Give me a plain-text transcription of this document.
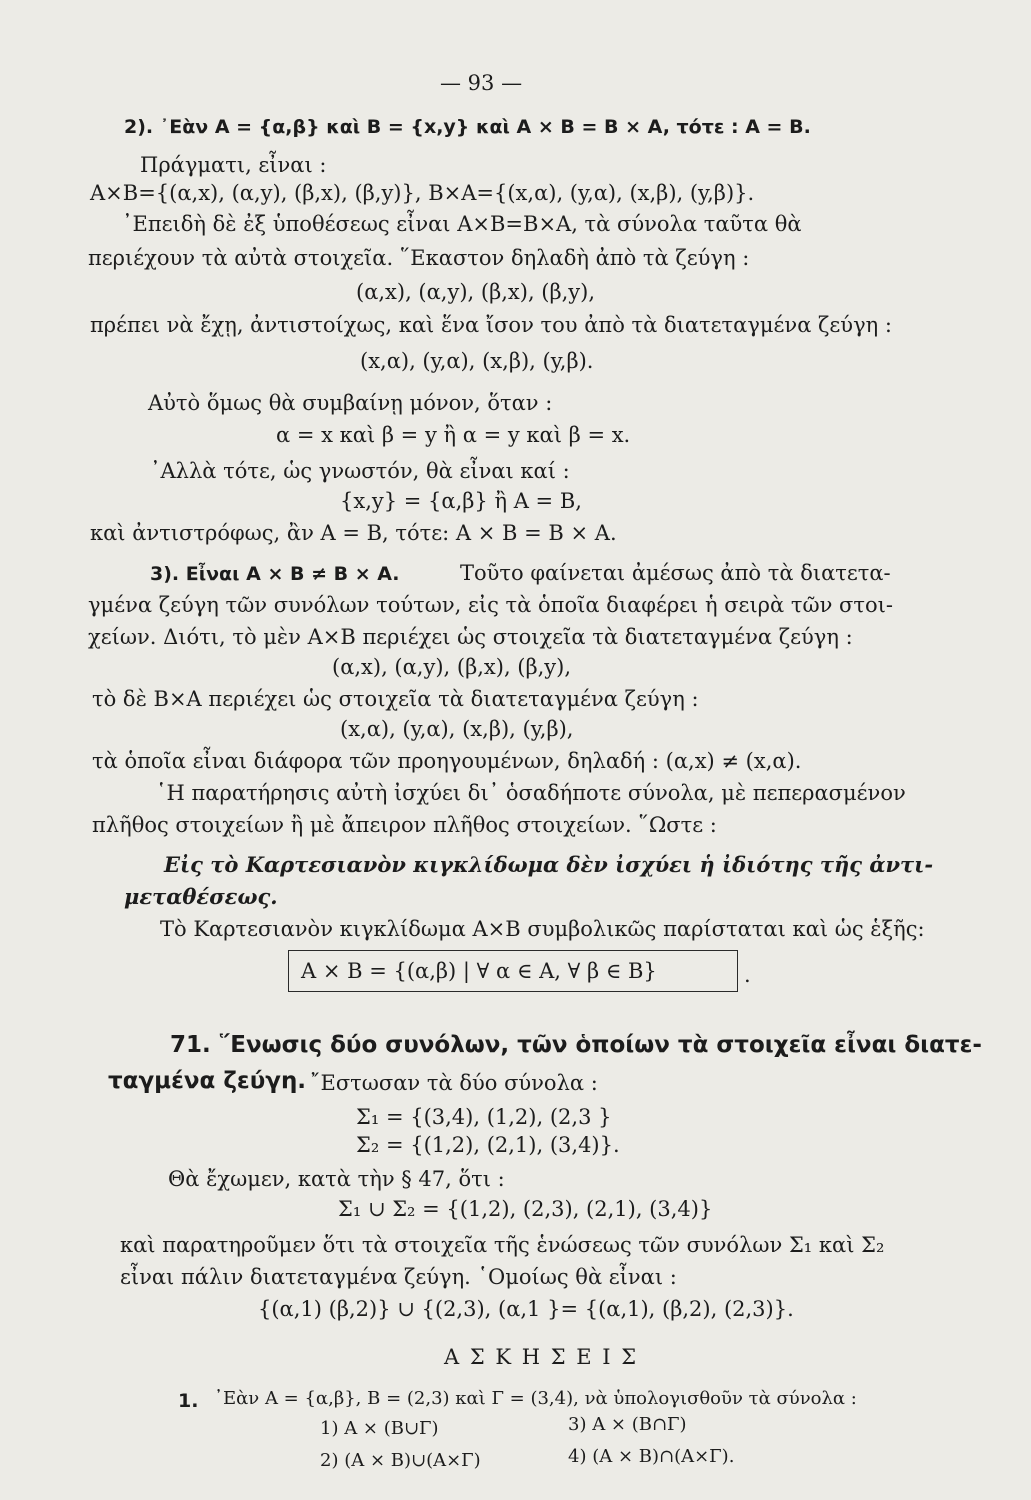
— 93 —
2). ᾿Εὰν A = {α,β} καὶ B = {x,y} καὶ A × B = B × A, τότε : A = B.
Πράγματι, εἶναι :
A×B={(α,x), (α,y), (β,x), (β,y)}, B×A={(x,α), (y,α), (x,β), (y,β)}.
᾿Επειδὴ δὲ ἐξ ὑποθέσεως εἶναι A×B=B×A, τὰ σύνολα ταῦτα θὰ
περιέχουν τὰ αὐτὰ στοιχεῖα. ῞Εκαστον δηλαδὴ ἀπὸ τὰ ζεύγη :
(α,x), (α,y), (β,x), (β,y),
πρέπει νὰ ἔχῃ, ἀντιστοίχως, καὶ ἕνα ἴσον του ἀπὸ τὰ διατεταγμένα ζεύγη :
(x,α), (y,α), (x,β), (y,β).
Αὐτὸ ὅμως θὰ συμβαίνῃ μόνον, ὅταν :
α = x καὶ β = y ἢ α = y καὶ β = x.
᾿Αλλὰ τότε, ὡς γνωστόν, θὰ εἶναι καί :
{x,y} = {α,β} ἢ A = B,
καὶ ἀντιστρόφως, ἂν A = B, τότε: A × B = B × A.
3). Εἶναι A × B ≠ B × A.	Τοῦτο φαίνεται ἀμέσως ἀπὸ τὰ διατετα-
γμένα ζεύγη τῶν συνόλων τούτων, εἰς τὰ ὁποῖα διαφέρει ἡ σειρὰ τῶν στοι-
χείων. Διότι, τὸ μὲν A×B περιέχει ὡς στοιχεῖα τὰ διατεταγμένα ζεύγη :
(α,x), (α,y), (β,x), (β,y),
τὸ δὲ B×A περιέχει ὡς στοιχεῖα τὰ διατεταγμένα ζεύγη :
(x,α), (y,α), (x,β), (y,β),
τὰ ὁποῖα εἶναι διάφορα τῶν προηγουμένων, δηλαδή : (α,x) ≠ (x,α).
῾Η παρατήρησις αὐτὴ ἰσχύει δι᾿ ὁσαδήποτε σύνολα, μὲ πεπερασμένον
πλῆθος στοιχείων ἢ μὲ ἄπειρον πλῆθος στοιχείων. ῞Ωστε :
Εἰς τὸ Καρτεσιανὸν κιγκλίδωμα δὲν ἰσχύει ἡ ἰδιότης τῆς ἀντι-
μεταθέσεως.
Τὸ Καρτεσιανὸν κιγκλίδωμα A×B συμβολικῶς παρίσταται καὶ ὡς ἑξῆς:
A × B = {(α,β) | ∀ α ∈ A, ∀ β ∈ B}	.
71. ῞Ενωσις δύο συνόλων, τῶν ὁποίων τὰ στοιχεῖα εἶναι διατε-
ταγμένα ζεύγη. ῎Εστωσαν τὰ δύο σύνολα :
Σ₁ = {(3,4), (1,2), (2,3 }
Σ₂ = {(1,2), (2,1), (3,4)}.
Θὰ ἔχωμεν, κατὰ τὴν § 47, ὅτι :
Σ₁ ∪ Σ₂ = {(1,2), (2,3), (2,1), (3,4)}
καὶ παρατηροῦμεν ὅτι τὰ στοιχεῖα τῆς ἑνώσεως τῶν συνόλων Σ₁ καὶ Σ₂
εἶναι πάλιν διατεταγμένα ζεύγη. ῾Ομοίως θὰ εἶναι :
{(α,1) (β,2)} ∪ {(2,3), (α,1 }= {(α,1), (β,2), (2,3)}.
Α Σ Κ Η Σ Ε Ι Σ
1. ᾿Εὰν A = {α,β}, B = (2,3) καὶ Γ = (3,4), νὰ ὑπολογισθοῦν τὰ σύνολα :
1) A × (B∪Γ)	3) A × (B∩Γ)
2) (A × B)∪(A×Γ)	4) (A × B)∩(A×Γ).
